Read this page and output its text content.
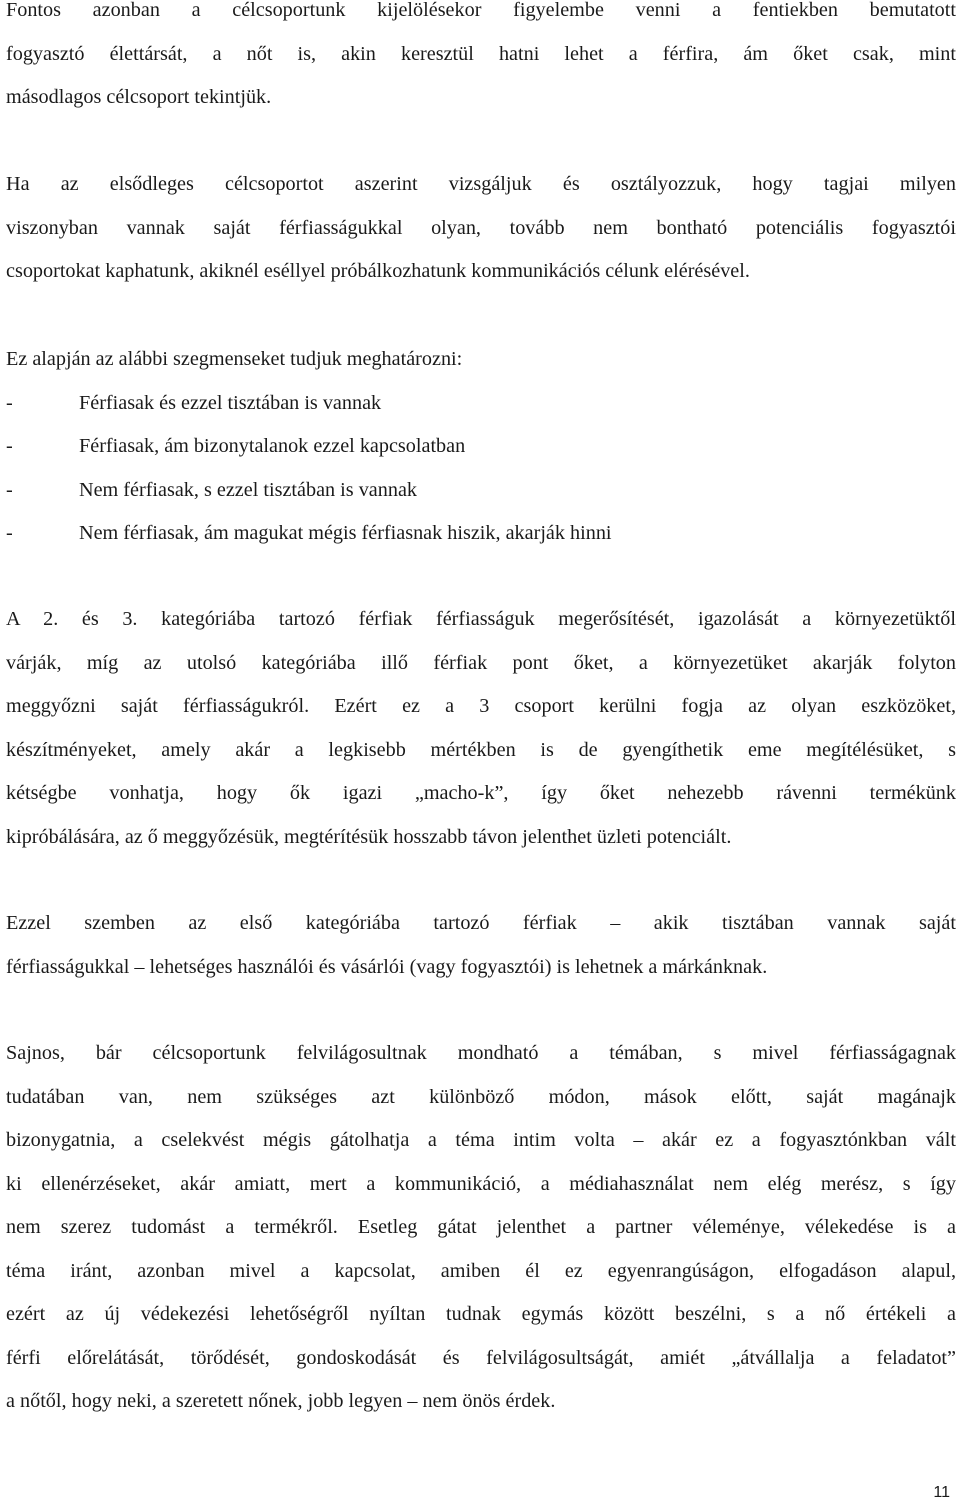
Fontos azonban a célcsoportunk kijelölésekor figyelembe venni a fentiekben bemutatott
fogyasztó élettársát, a nőt is, akin keresztül hatni lehet a férfira, ám őket csak, mint
másodlagos célcsoport tekintjük.
Ha az elsődleges célcsoportot aszerint vizsgáljuk és osztályozzuk, hogy tagjai milyen
viszonyban vannak saját férfiasságukkal olyan, tovább nem bontható potenciális fogyasztói
csoportokat kaphatunk, akiknél eséllyel próbálkozhatunk kommunikációs célunk elérésével.
Ez alapján az alábbi szegmenseket tudjuk meghatározni:
-	Férfiasak és ezzel tisztában is vannak
-	Férfiasak, ám bizonytalanok ezzel kapcsolatban
-	Nem férfiasak, s ezzel tisztában is vannak
-	Nem férfiasak, ám magukat mégis férfiasnak hiszik, akarják hinni
A 2. és 3. kategóriába tartozó férfiak férfiasságuk megerősítését, igazolását a környezetüktől
várják, míg az utolsó kategóriába illő férfiak pont őket, a környezetüket akarják folyton
meggyőzni saját férfiasságukról. Ezért ez a 3 csoport kerülni fogja az olyan eszközöket,
készítményeket, amely akár a legkisebb mértékben is de gyengíthetik eme megítélésüket, s
kétségbe vonhatja, hogy ők igazi „macho-k”, így őket nehezebb rávenni termékünk
kipróbálására, az ő meggyőzésük, megtérítésük hosszabb távon jelenthet üzleti potenciált.
Ezzel szemben az első kategóriába tartozó férfiak – akik tisztában vannak saját
férfiasságukkal – lehetséges használói és vásárlói (vagy fogyasztói) is lehetnek a márkánknak.
Sajnos, bár célcsoportunk felvilágosultnak mondható a témában, s mivel férfiasságagnak
tudatában van, nem szükséges azt különböző módon, mások előtt, saját magánajk
bizonygatnia, a cselekvést mégis gátolhatja a téma intim volta – akár ez a fogyasztónkban vált
ki ellenérzéseket, akár amiatt, mert a kommunikáció, a médiahasználat nem elég merész, s így
nem szerez tudomást a termékről. Esetleg gátat jelenthet a partner véleménye, vélekedése is a
téma iránt, azonban mivel a kapcsolat, amiben él ez egyenrangúságon, elfogadáson alapul,
ezért az új védekezési lehetőségről nyíltan tudnak egymás között beszélni, s a nő értékeli a
férfi előrelátását, törődését, gondoskodását és felvilágosultságát, amiét „átvállalja a feladatot”
a nőtől, hogy neki, a szeretett nőnek, jobb legyen – nem önös érdek.
11
